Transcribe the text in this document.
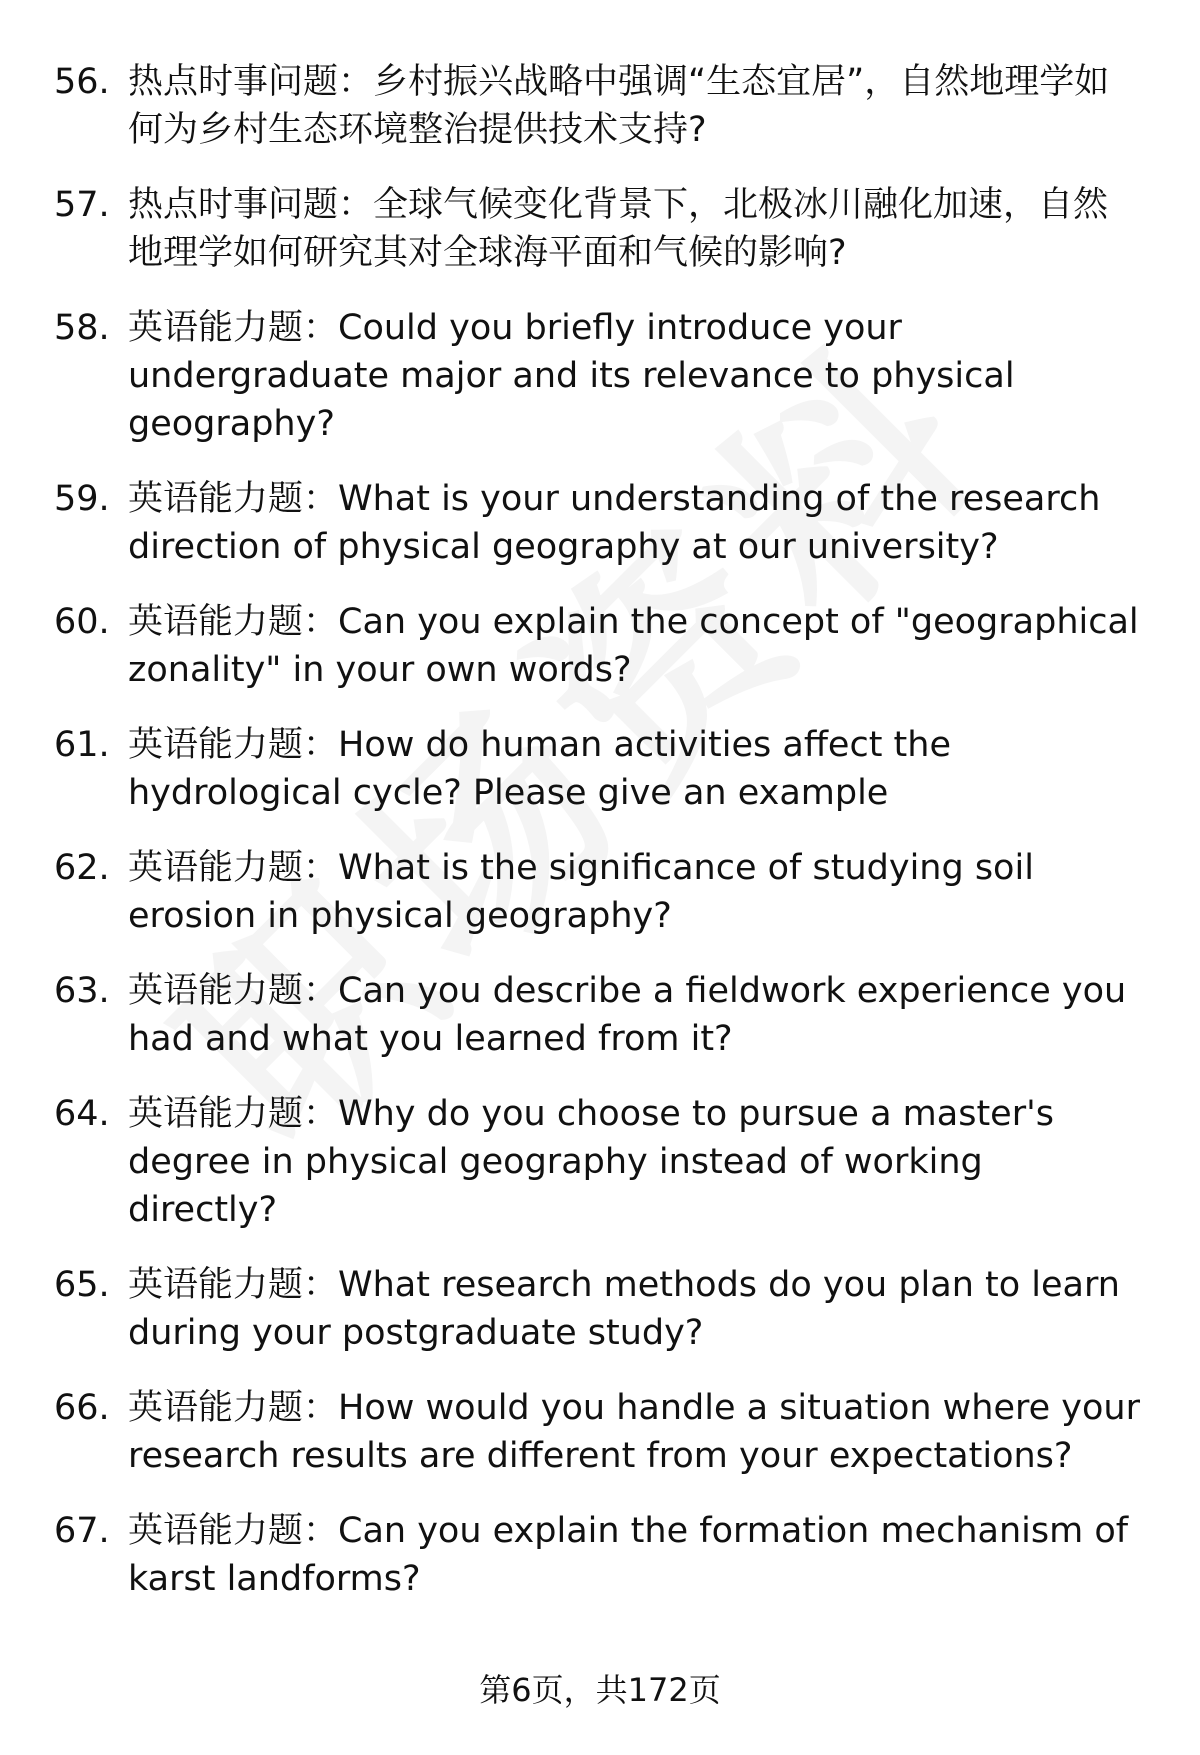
56. 热点时事问题：乡村振兴战略中强调“生态宜居”，自然地理学如何为乡村生态环境整治提供技术支持?
57. 热点时事问题：全球气候变化背景下，北极冰川融化加速，自然地理学如何研究其对全球海平面和气候的影响?
58. 英语能力题：Could you briefly introduce your undergraduate major and its relevance to physical geography?
59. 英语能力题：What is your understanding of the research direction of physical geography at our university?
60. 英语能力题：Can you explain the concept of "geographical zonality" in your own words?
61. 英语能力题：How do human activities affect the hydrological cycle? Please give an example
62. 英语能力题：What is the significance of studying soil erosion in physical geography?
63. 英语能力题：Can you describe a fieldwork experience you had and what you learned from it?
64. 英语能力题：Why do you choose to pursue a master's degree in physical geography instead of working directly?
65. 英语能力题：What research methods do you plan to learn during your postgraduate study?
66. 英语能力题：How would you handle a situation where your research results are different from your expectations?
67. 英语能力题：Can you explain the formation mechanism of karst landforms?
第6页，共172页
